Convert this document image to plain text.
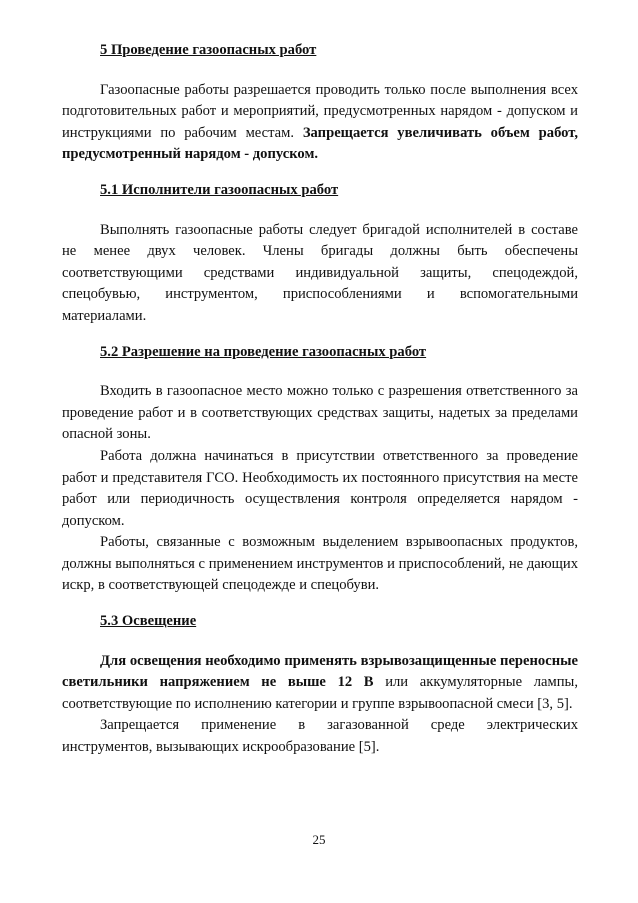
5 Проведение газоопасных работ

Газоопасные работы разрешается проводить только после выполнения всех подготовительных работ и мероприятий, предусмотренных нарядом - допуском и инструкциями по рабочим местам. Запрещается увеличивать объем работ, предусмотренный нарядом - допуском.

5.1 Исполнители газоопасных работ

Выполнять газоопасные работы следует бригадой исполнителей в составе не менее двух человек. Члены бригады должны быть обеспечены соответствующими средствами индивидуальной защиты, спецодеждой, спецобувью, инструментом, приспособлениями и вспомогательными материалами.

5.2 Разрешение на проведение газоопасных работ

Входить в газоопасное место можно только с разрешения ответственного за проведение работ и в соответствующих средствах защиты, надетых за пределами опасной зоны.

Работа должна начинаться в присутствии ответственного за проведение работ и представителя ГСО. Необходимость их постоянного присутствия на месте работ или периодичность осуществления контроля определяется нарядом - допуском.

Работы, связанные с возможным выделением взрывоопасных продуктов, должны выполняться с применением инструментов и приспособлений, не дающих искр, в соответствующей спецодежде и спецобуви.

5.3 Освещение

Для освещения необходимо применять взрывозащищенные переносные светильники напряжением не выше 12 В или аккумуляторные лампы, соответствующие по исполнению категории и группе взрывоопасной смеси [3, 5].

Запрещается применение в загазованной среде электрических инструментов, вызывающих искрообразование [5].

25
